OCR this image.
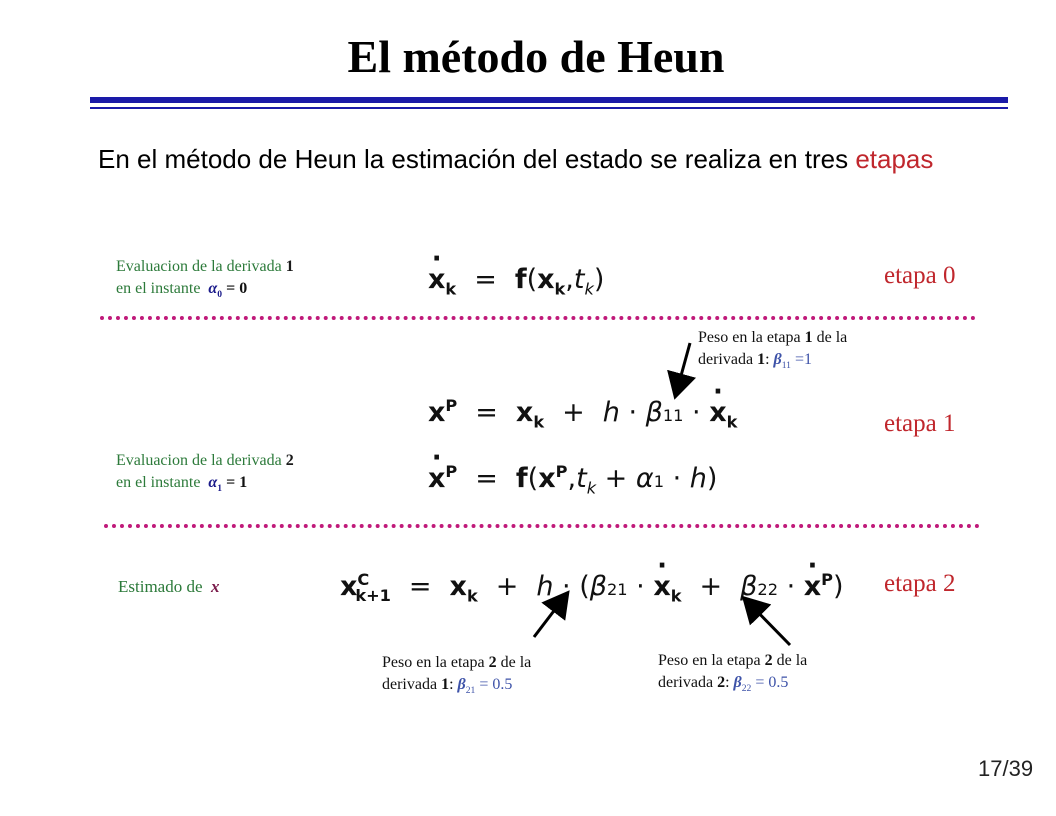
El método de Heun
En el método de Heun la estimación del estado se realiza en tres etapas
Evaluacion de la derivada 1
en el instante $\alpha_0 = 0$	· $x_k = f$ ( $x_k$ , $t_k$ )	etapa 0
Peso en la etapa 1 de la
derivada 1: $\beta_{11} =1$
$x^P = x_k + h \cdot \beta$ 11 · · $x_k$	etapa 1
Evaluacion de la derivada 2
en el instante $\alpha_1 = 1$	· $x^P = f$ ( $x^P$ , $t_k + \alpha$ 1 · h )
Estimado de x	$x^C_{k+1} = x_k + h$ · ( β 21 · · $x_k + \beta$ 22 · · $x^P$ ) etapa 2
Peso en la etapa 2 de la
derivada 1: $\beta_{21} = 0.5$
Peso en la etapa 2 de la
derivada 2: $\beta_{22} = 0.5$
17/39
